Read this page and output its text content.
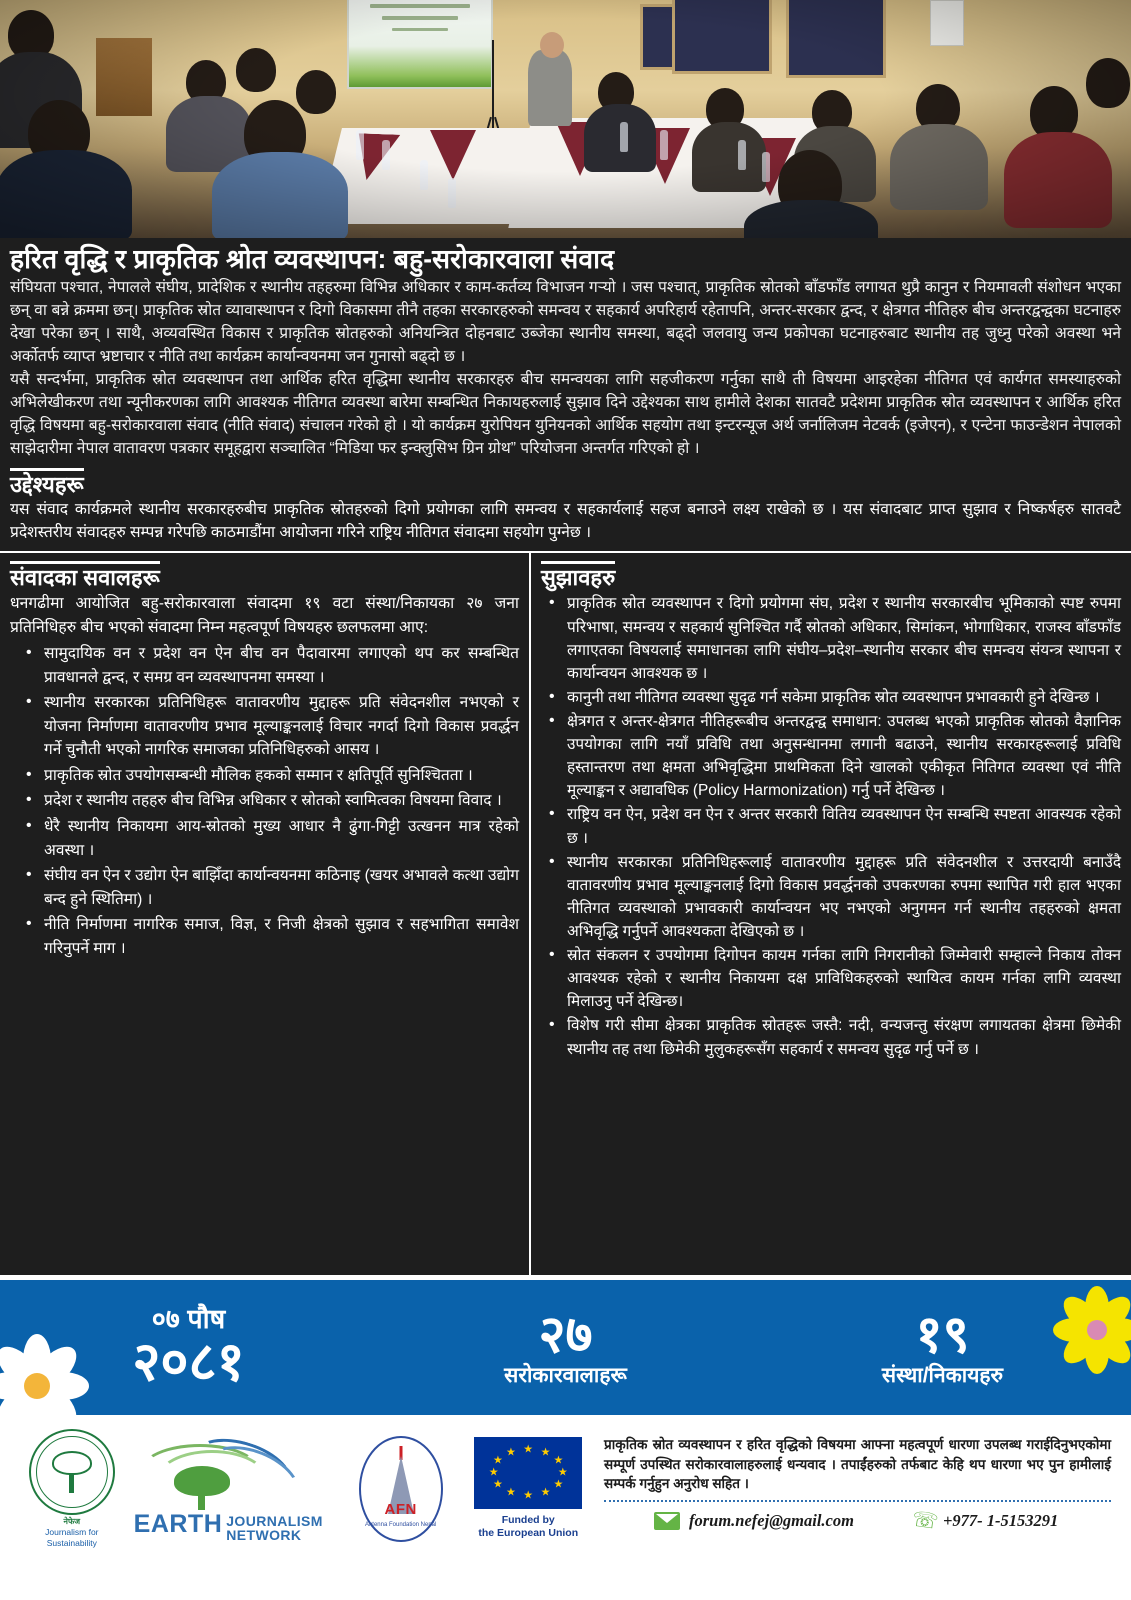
हरित वृद्धि र प्राकृतिक श्रोत व्यवस्थापन: बहु-सरोकारवाला संवाद

संघियता पश्चात, नेपालले संघीय, प्रादेशिक र स्थानीय तहहरुमा विभिन्न अधिकार र काम-कर्तव्य विभाजन गर्‍यो । जस पश्चात्, प्राकृतिक स्रोतको बाँडफाँड लगायत थुप्रै कानुन र नियमावली संशोधन भएका छन् वा बन्ने क्रममा छन्। प्राकृतिक स्रोत व्यावास्थापन र दिगो विकासमा तीनै तहका सरकारहरुको समन्वय र सहकार्य अपरिहार्य रहेतापनि, अन्तर-सरकार द्वन्द, र क्षेत्रगत नीतिहरु बीच अन्तरद्वन्द्वका घटनाहरु देखा परेका छन् । साथै, अव्यवस्थित विकास र प्राकृतिक स्रोतहरुको अनियन्त्रित दोहनबाट उब्जेका स्थानीय समस्या, बढ्दो जलवायु जन्य प्रकोपका घटनाहरुबाट स्थानीय तह जुध्नु परेको अवस्था भने अर्कोतर्फ व्याप्त भ्रष्टाचार र नीति तथा कार्यक्रम कार्यान्वयनमा जन गुनासो बढ्दो छ ।

यसै सन्दर्भमा, प्राकृतिक स्रोत व्यवस्थापन तथा आर्थिक हरित वृद्धिमा स्थानीय सरकारहरु बीच समन्वयका लागि सहजीकरण गर्नुका साथै ती विषयमा आइरहेका नीतिगत एवं कार्यगत समस्याहरुको अभिलेखीकरण तथा न्यूनीकरणका लागि आवश्यक नीतिगत व्यवस्था बारेमा सम्बन्धित निकायहरुलाई सुझाव दिने उद्देश्यका साथ हामीले देशका सातवटै प्रदेशमा प्राकृतिक स्रोत व्यवस्थापन र आर्थिक हरित वृद्धि विषयमा बहु-सरोकारवाला संवाद (नीति संवाद) संचालन गरेको हो । यो कार्यक्रम युरोपियन युनियनको आर्थिक सहयोग तथा इन्टरन्यूज अर्थ जर्नालिजम नेटवर्क (इजेएन), र एन्टेना फाउन्डेशन नेपालको साझेदारीमा नेपाल वातावरण पत्रकार समूहद्वारा सञ्चालित “मिडिया फर इन्क्लुसिभ ग्रिन ग्रोथ” परियोजना अन्तर्गत गरिएको हो ।

उद्देश्यहरू

यस संवाद कार्यक्रमले स्थानीय सरकारहरुबीच प्राकृतिक स्रोतहरुको दिगो प्रयोगका लागि समन्वय र सहकार्यलाई सहज बनाउने लक्ष्य राखेको छ । यस संवादबाट प्राप्त सुझाव र निष्कर्षहरु सातवटै प्रदेशस्तरीय संवादहरु सम्पन्न गरेपछि काठमाडौंमा आयोजना गरिने राष्ट्रिय नीतिगत संवादमा सहयोग पुग्नेछ ।

संवादका सवालहरू

धनगढीमा आयोजित बहु-सरोकारवाला संवादमा १९ वटा संस्था/निकायका २७ जना प्रतिनिधिहरु बीच भएको संवादमा निम्न महत्वपूर्ण विषयहरु छलफलमा आए:

• सामुदायिक वन र प्रदेश वन ऐन बीच वन पैदावारमा लगाएको थप कर सम्बन्धित प्रावधानले द्वन्द, र समग्र वन व्यवस्थापनमा समस्या ।
• स्थानीय सरकारका प्रतिनिधिहरू वातावरणीय मुद्दाहरू प्रति संवेदनशील नभएको र योजना निर्माणमा वातावरणीय प्रभाव मूल्याङ्कनलाई विचार नगर्दा दिगो विकास प्रवर्द्धन गर्ने चुनौती भएको नागरिक समाजका प्रतिनिधिहरुको आसय ।
• प्राकृतिक स्रोत उपयोगसम्बन्धी मौलिक हकको सम्मान र क्षतिपूर्ति सुनिश्चितता ।
• प्रदेश र स्थानीय तहहरु बीच विभिन्न अधिकार र स्रोतको स्वामित्वका विषयमा विवाद ।
• धेरै स्थानीय निकायमा आय-स्रोतको मुख्य आधार नै ढुंगा-गिट्टी उत्खनन मात्र रहेको अवस्था ।
• संघीय वन ऐन र उद्योग ऐन बाझिँदा कार्यान्वयनमा कठिनाइ (खयर अभावले कत्था उद्योग बन्द हुने स्थितिमा) ।
• नीति निर्माणमा नागरिक समाज, विज्ञ, र निजी क्षेत्रको सुझाव र सहभागिता समावेश गरिनुपर्ने माग ।
सुझावहरु
• प्राकृतिक स्रोत व्यवस्थापन र दिगो प्रयोगमा संघ, प्रदेश र स्थानीय सरकारबीच भूमिकाको स्पष्ट रुपमा परिभाषा, समन्वय र सहकार्य सुनिश्चित गर्दै स्रोतको अधिकार, सिमांकन, भोगाधिकार, राजस्व बाँडफाँड लगाएतका विषयलाई समाधानका लागि संघीय–प्रदेश–स्थानीय सरकार बीच समन्वय संयन्त्र स्थापना र कार्यान्वयन आवश्यक छ ।
• कानुनी तथा नीतिगत व्यवस्था सुदृढ गर्न सकेमा प्राकृतिक स्रोत व्यवस्थापन प्रभावकारी हुने देखिन्छ ।
• क्षेत्रगत र अन्तर-क्षेत्रगत नीतिहरूबीच अन्तरद्वन्द्व समाधान: उपलब्ध भएको प्राकृतिक स्रोतको वैज्ञानिक उपयोगका लागि नयाँ प्रविधि तथा अनुसन्धानमा लगानी बढाउने, स्थानीय सरकारहरूलाई प्रविधि हस्तान्तरण तथा क्षमता अभिवृद्धिमा प्राथमिकता दिने खालको एकीकृत नितिगत व्यवस्था एवं नीति मूल्याङ्कन र अद्यावधिक (Policy Harmonization) गर्नु पर्ने देखिन्छ ।
• राष्ट्रिय वन ऐन, प्रदेश वन ऐन र अन्तर सरकारी वितिय व्यवस्थापन ऐन सम्बन्धि स्पष्टता आवस्यक रहेको छ ।
• स्थानीय सरकारका प्रतिनिधिहरूलाई वातावरणीय मुद्दाहरू प्रति संवेदनशील र उत्तरदायी बनाउँदै वातावरणीय प्रभाव मूल्याङ्कनलाई दिगो विकास प्रवर्द्धनको उपकरणका रुपमा स्थापित गरी हाल भएका नीतिगत व्यवस्थाको प्रभावकारी कार्यान्वयन भए नभएको अनुगमन गर्न स्थानीय तहहरुको क्षमता अभिवृद्धि गर्नुपर्ने आवश्यकता देखिएको छ ।
• स्रोत संकलन र उपयोगमा दिगोपन कायम गर्नका लागि निगरानीको जिम्मेवारी सम्हाल्ने निकाय तोक्न आवश्यक रहेको र स्थानीय निकायमा दक्ष प्राविधिकहरुको स्थायित्व कायम गर्नका लागि व्यवस्था मिलाउनु पर्ने देखिन्छ।
• विशेष गरी सीमा क्षेत्रका प्राकृतिक स्रोतहरू जस्तै: नदी, वन्यजन्तु संरक्षण लगायतका क्षेत्रमा छिमेकी स्थानीय तह तथा छिमेकी मुलुकहरूसँग सहकार्य र समन्वय सुदृढ गर्नु पर्ने छ ।
०७ पौष
२०८१	२७
सरोकारवालाहरू
१९
संस्था/निकायहरु
नेफेज
Journalism for Sustainability
EARTH JOURNALISM
NETWORK
AFN
Antenna Foundation Nepal
★ ★
★
★
★
★
★
★
★
★
★
★
Funded by
the European Union

प्राकृतिक स्रोत व्यवस्थापन र हरित वृद्धिको विषयमा आफ्ना महत्वपूर्ण धारणा उपलब्ध गराईदिनुभएकोमा सम्पूर्ण उपस्थित सरोकारवालाहरुलाई धन्यवाद । तपाईंहरुको तर्फबाट केहि थप धारणा भए पुन हामीलाई सम्पर्क गर्नुहुन अनुरोध सहित ।

forum.nefej@gmail.com	☏ +977- 1-5153291
